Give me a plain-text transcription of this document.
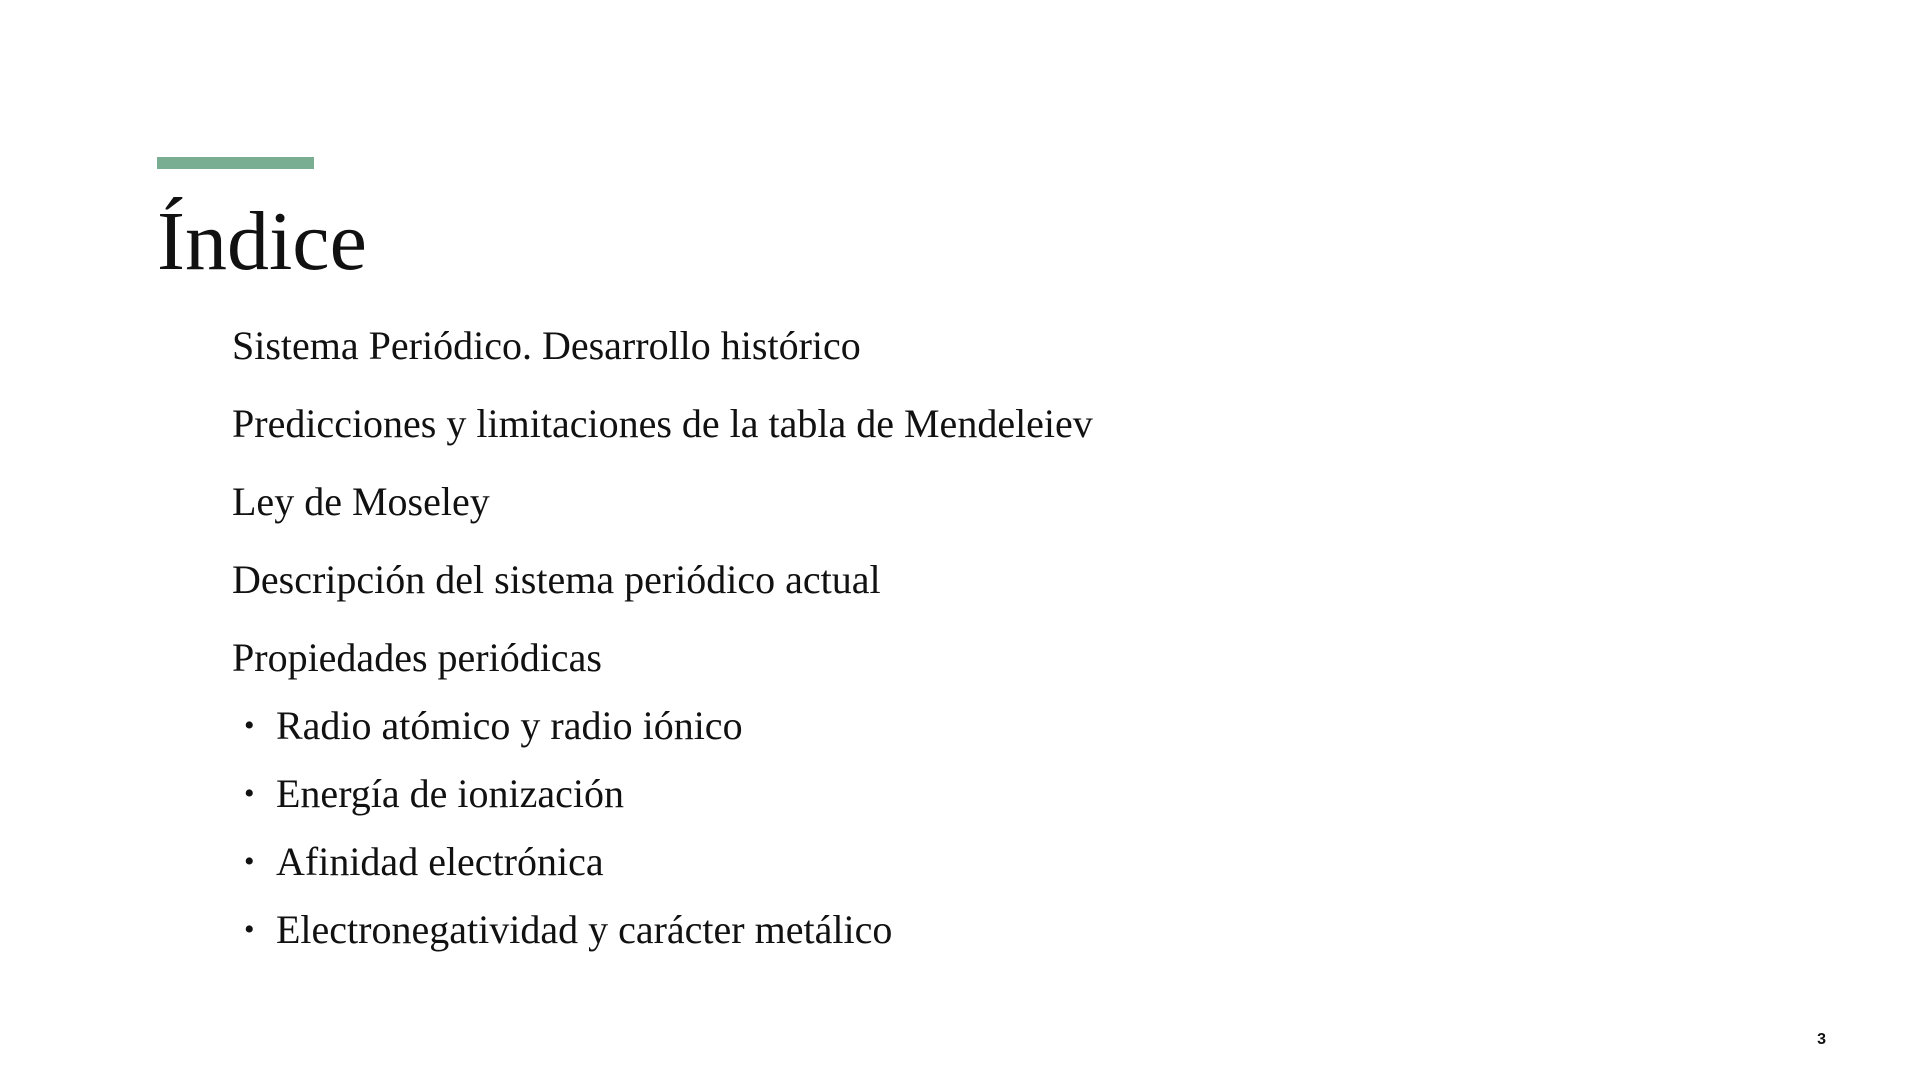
Índice
Sistema Periódico. Desarrollo histórico
Predicciones y limitaciones de la tabla de Mendeleiev
Ley de Moseley
Descripción del sistema periódico actual
Propiedades periódicas
• Radio atómico y radio iónico
• Energía de ionización
• Afinidad electrónica
• Electronegatividad y carácter metálico
3
